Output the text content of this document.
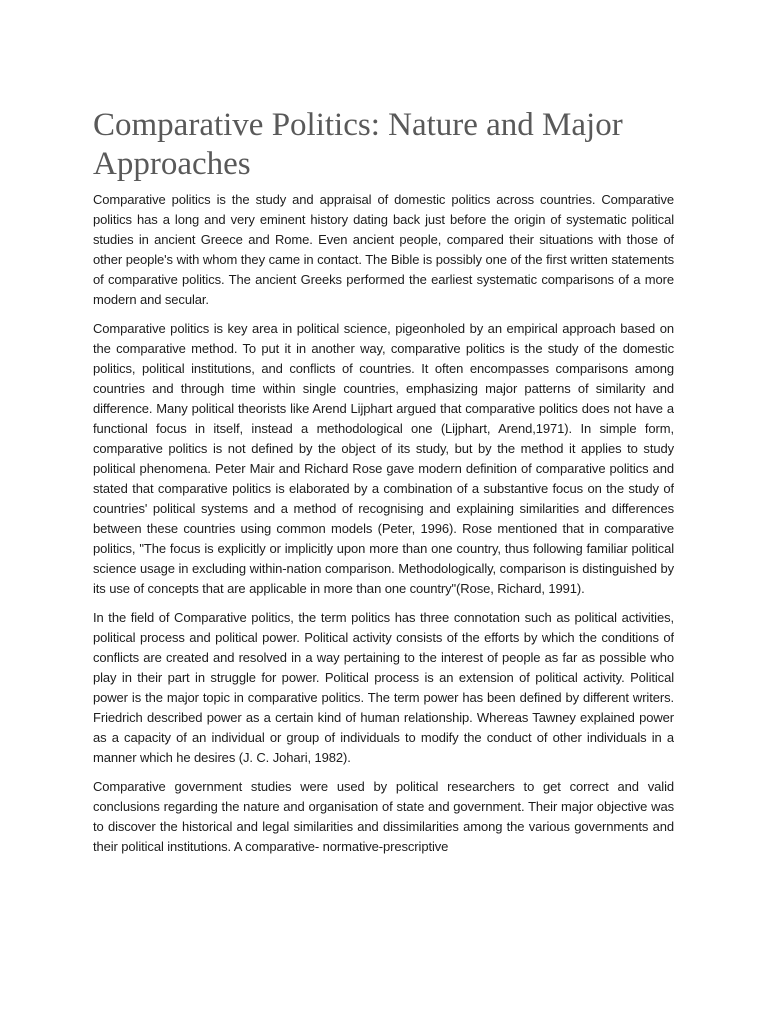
Comparative Politics: Nature and Major Approaches

Comparative politics is the study and appraisal of domestic politics across countries. Comparative politics has a long and very eminent history dating back just before the origin of systematic political studies in ancient Greece and Rome. Even ancient people, compared their situations with those of other people's with whom they came in contact. The Bible is possibly one of the first written statements of comparative politics. The ancient Greeks performed the earliest systematic comparisons of a more modern and secular.

Comparative politics is key area in political science, pigeonholed by an empirical approach based on the comparative method. To put it in another way, comparative politics is the study of the domestic politics, political institutions, and conflicts of countries. It often encompasses comparisons among countries and through time within single countries, emphasizing major patterns of similarity and difference. Many political theorists like Arend Lijphart argued that comparative politics does not have a functional focus in itself, instead a methodological one (Lijphart, Arend,1971). In simple form, comparative politics is not defined by the object of its study, but by the method it applies to study political phenomena. Peter Mair and Richard Rose gave modern definition of comparative politics and stated that comparative politics is elaborated by a combination of a substantive focus on the study of countries' political systems and a method of recognising and explaining similarities and differences between these countries using common models (Peter, 1996). Rose mentioned that in comparative politics, "The focus is explicitly or implicitly upon more than one country, thus following familiar political science usage in excluding within-nation comparison. Methodologically, comparison is distinguished by its use of concepts that are applicable in more than one country"(Rose, Richard, 1991).

In the field of Comparative politics, the term politics has three connotation such as political activities, political process and political power. Political activity consists of the efforts by which the conditions of conflicts are created and resolved in a way pertaining to the interest of people as far as possible who play in their part in struggle for power. Political process is an extension of political activity. Political power is the major topic in comparative politics. The term power has been defined by different writers. Friedrich described power as a certain kind of human relationship. Whereas Tawney explained power as a capacity of an individual or group of individuals to modify the conduct of other individuals in a manner which he desires (J. C. Johari, 1982).

Comparative government studies were used by political researchers to get correct and valid conclusions regarding the nature and organisation of state and government. Their major objective was to discover the historical and legal similarities and dissimilarities among the various governments and their political institutions. A comparative- normative-prescriptive
